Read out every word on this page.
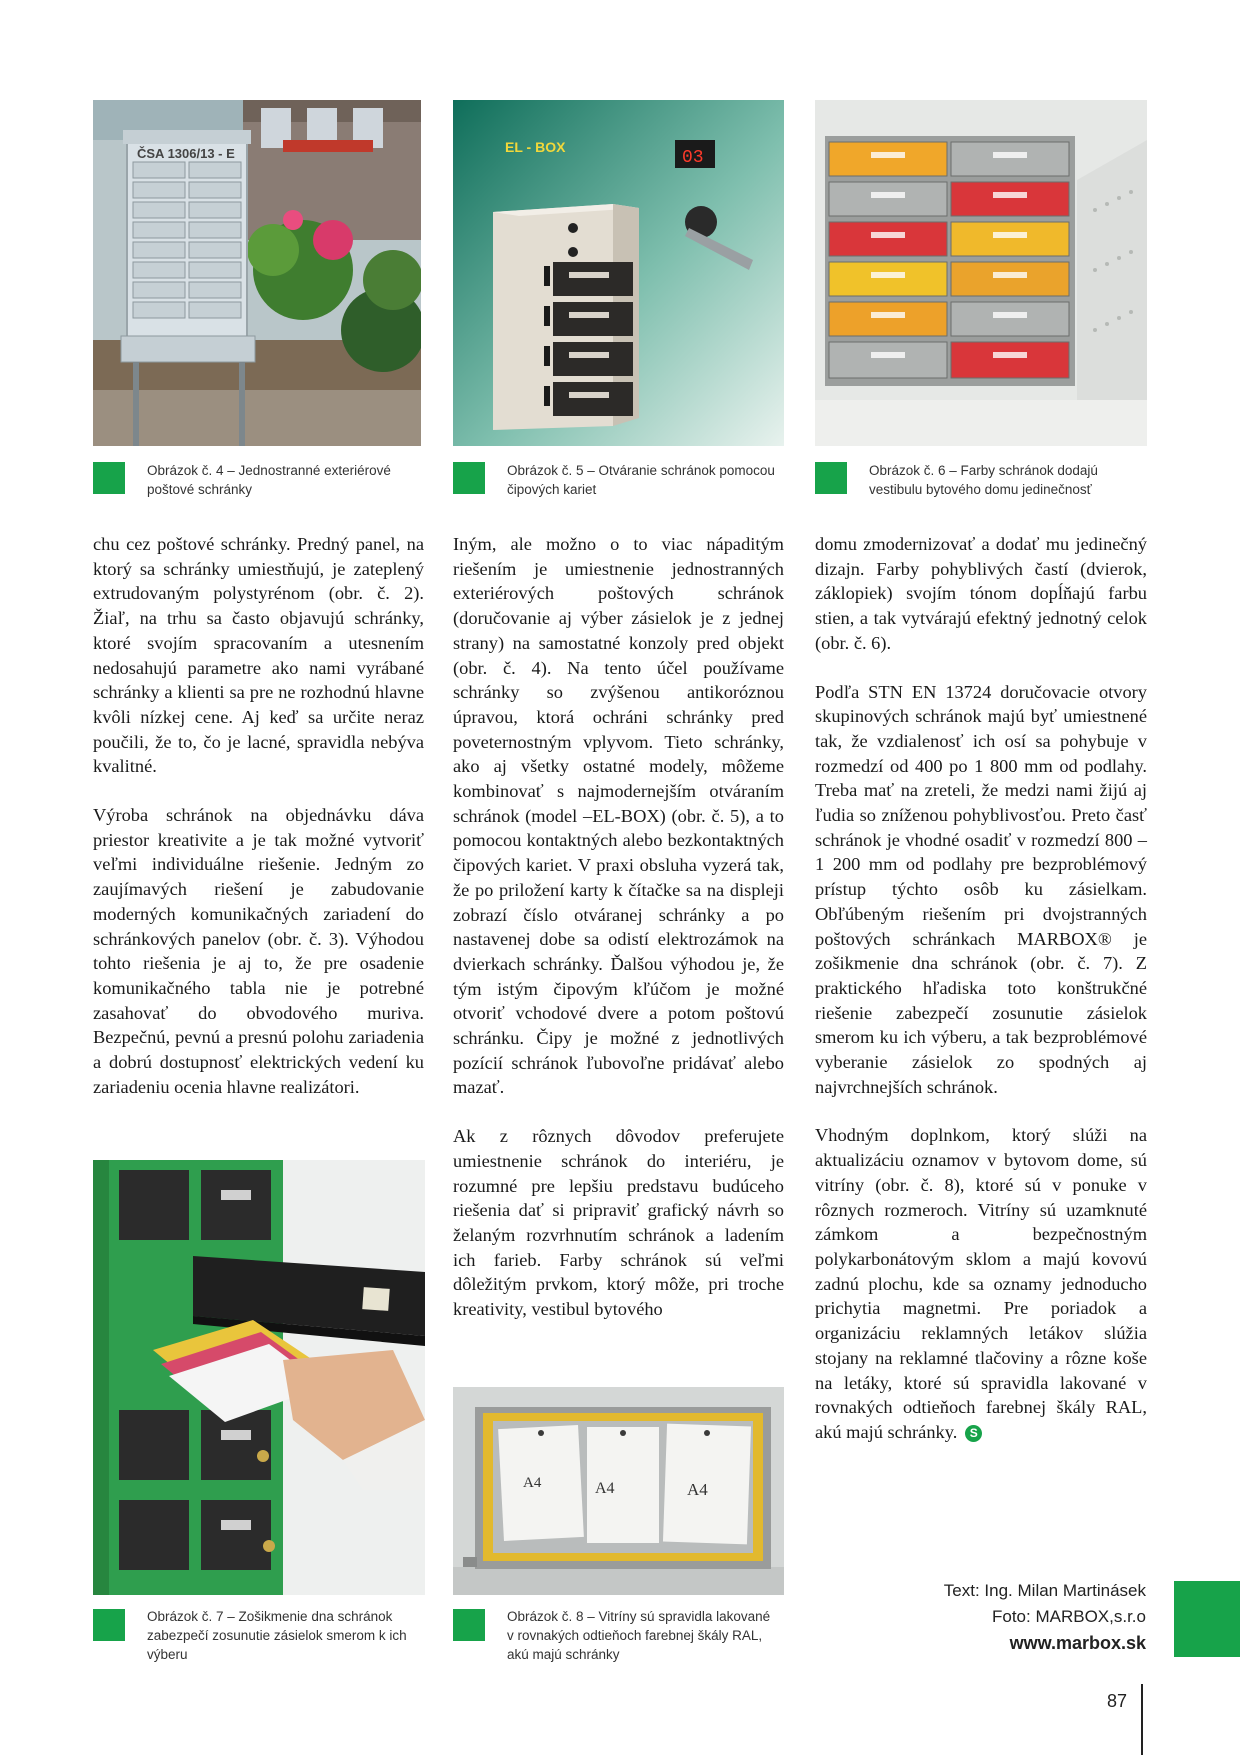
ČSA 1306/13 - E
Obrázok č. 4 – Jednostranné exteriérové poštové schránky
EL - BOX
03
Obrázok č. 5 – Otváranie schránok pomocou čipových kariet
Obrázok č. 6 – Farby schránok dodajú vestibulu bytového domu jedinečnosť

chu cez poštové schránky. Predný panel, na ktorý sa schránky umiestňujú, je zateplený extrudovaným polystyrénom (obr. č. 2). Žiaľ, na trhu sa často objavujú schránky, ktoré svojím spracovaním a utesnením nedosahujú parametre ako nami vyrábané schránky a klienti sa pre ne rozhodnú hlavne kvôli nízkej cene. Aj keď sa určite neraz poučili, že to, čo je lacné, spravidla nebýva kvalitné.

Výroba schránok na objednávku dáva priestor kreativite a je tak možné vytvoriť veľmi individuálne riešenie. Jedným zo zaujímavých riešení je zabudovanie moderných komunikačných zariadení do schránkových panelov (obr. č. 3). Výhodou tohto riešenia je aj to, že pre osadenie komunikačného tabla nie je potrebné zasahovať do obvodového muriva. Bezpečnú, pevnú a presnú polohu zariadenia a dobrú dostupnosť elektrických vedení ku zariadeniu ocenia hlavne realizátori.

Iným, ale možno o to viac nápaditým riešením je umiestnenie jednostranných exteriérových poštových schránok (doručovanie aj výber zásielok je z jednej strany) na samostatné konzoly pred objekt (obr. č. 4). Na tento účel používame schránky so zvýšenou antikoróznou úpravou, ktorá ochráni schránky pred poveternostným vplyvom. Tieto schránky, ako aj všetky ostatné modely, môžeme kombinovať s najmodernejším otváraním schránok (model –EL-BOX) (obr. č. 5), a to pomocou kontaktných alebo bezkontaktných čipových kariet. V praxi obsluha vyzerá tak, že po priložení karty k čítačke sa na displeji zobrazí číslo otváranej schránky a po nastavenej dobe sa odistí elektrozámok na dvierkach schránky. Ďalšou výhodou je, že tým istým čipovým kľúčom je možné otvoriť vchodové dvere a potom poštovú schránku. Čipy je možné z jednotlivých pozícií schránok ľubovoľne pridávať alebo mazať.

Ak z rôznych dôvodov preferujete umiestnenie schránok do interiéru, je rozumné pre lepšiu predstavu budúceho riešenia dať si pripraviť grafický návrh so želaným rozvrhnutím schránok a ladením ich farieb. Farby schránok sú veľmi dôležitým prvkom, ktorý môže, pri troche kreativity, vestibul bytového

domu zmodernizovať a dodať mu jedinečný dizajn. Farby pohyblivých častí (dvierok, záklopiek) svojím tónom dopĺňajú farbu stien, a tak vytvárajú efektný jednotný celok (obr. č. 6).

Podľa STN EN 13724 doručovacie otvory skupinových schránok majú byť umiestnené tak, že vzdialenosť ich osí sa pohybuje v rozmedzí od 400 po 1 800 mm od podlahy. Treba mať na zreteli, že medzi nami žijú aj ľudia so zníženou pohyblivosťou. Preto časť schránok je vhodné osadiť v rozmedzí 800 – 1 200 mm od podlahy pre bezproblémový prístup týchto osôb ku zásielkam. Obľúbeným riešením pri dvojstranných poštových schránkach MARBOX® je zošikmenie dna schránok (obr. č. 7). Z praktického hľadiska toto konštrukčné riešenie zabezpečí zosunutie zásielok smerom ku ich výberu, a tak bezproblémové vyberanie zásielok zo spodných aj najvrchnejších schránok.

Vhodným doplnkom, ktorý slúži na aktualizáciu oznamov v bytovom dome, sú vitríny (obr. č. 8), ktoré sú v ponuke v rôznych rozmeroch. Vitríny sú uzamknuté zámkom a bezpečnostným polykarbonátovým sklom a majú kovovú zadnú plochu, kde sa oznamy jednoducho prichytia magnetmi. Pre poriadok a organizáciu reklamných letákov slúžia stojany na reklamné tlačoviny a rôzne koše na letáky, ktoré sú spravidla lakované v rovnakých odtieňoch farebnej škály RAL, akú majú schránky. S

Obrázok č. 7 – Zošikmenie dna schránok zabezpečí zosunutie zásielok smerom k ich výberu
A4	A4	A4
Obrázok č. 8 – Vitríny sú spravidla lakované v rovnakých odtieňoch farebnej škály RAL, akú majú schránky
Text: Ing. Milan Martinásek
Foto: MARBOX,s.r.o
www.marbox.sk
87
